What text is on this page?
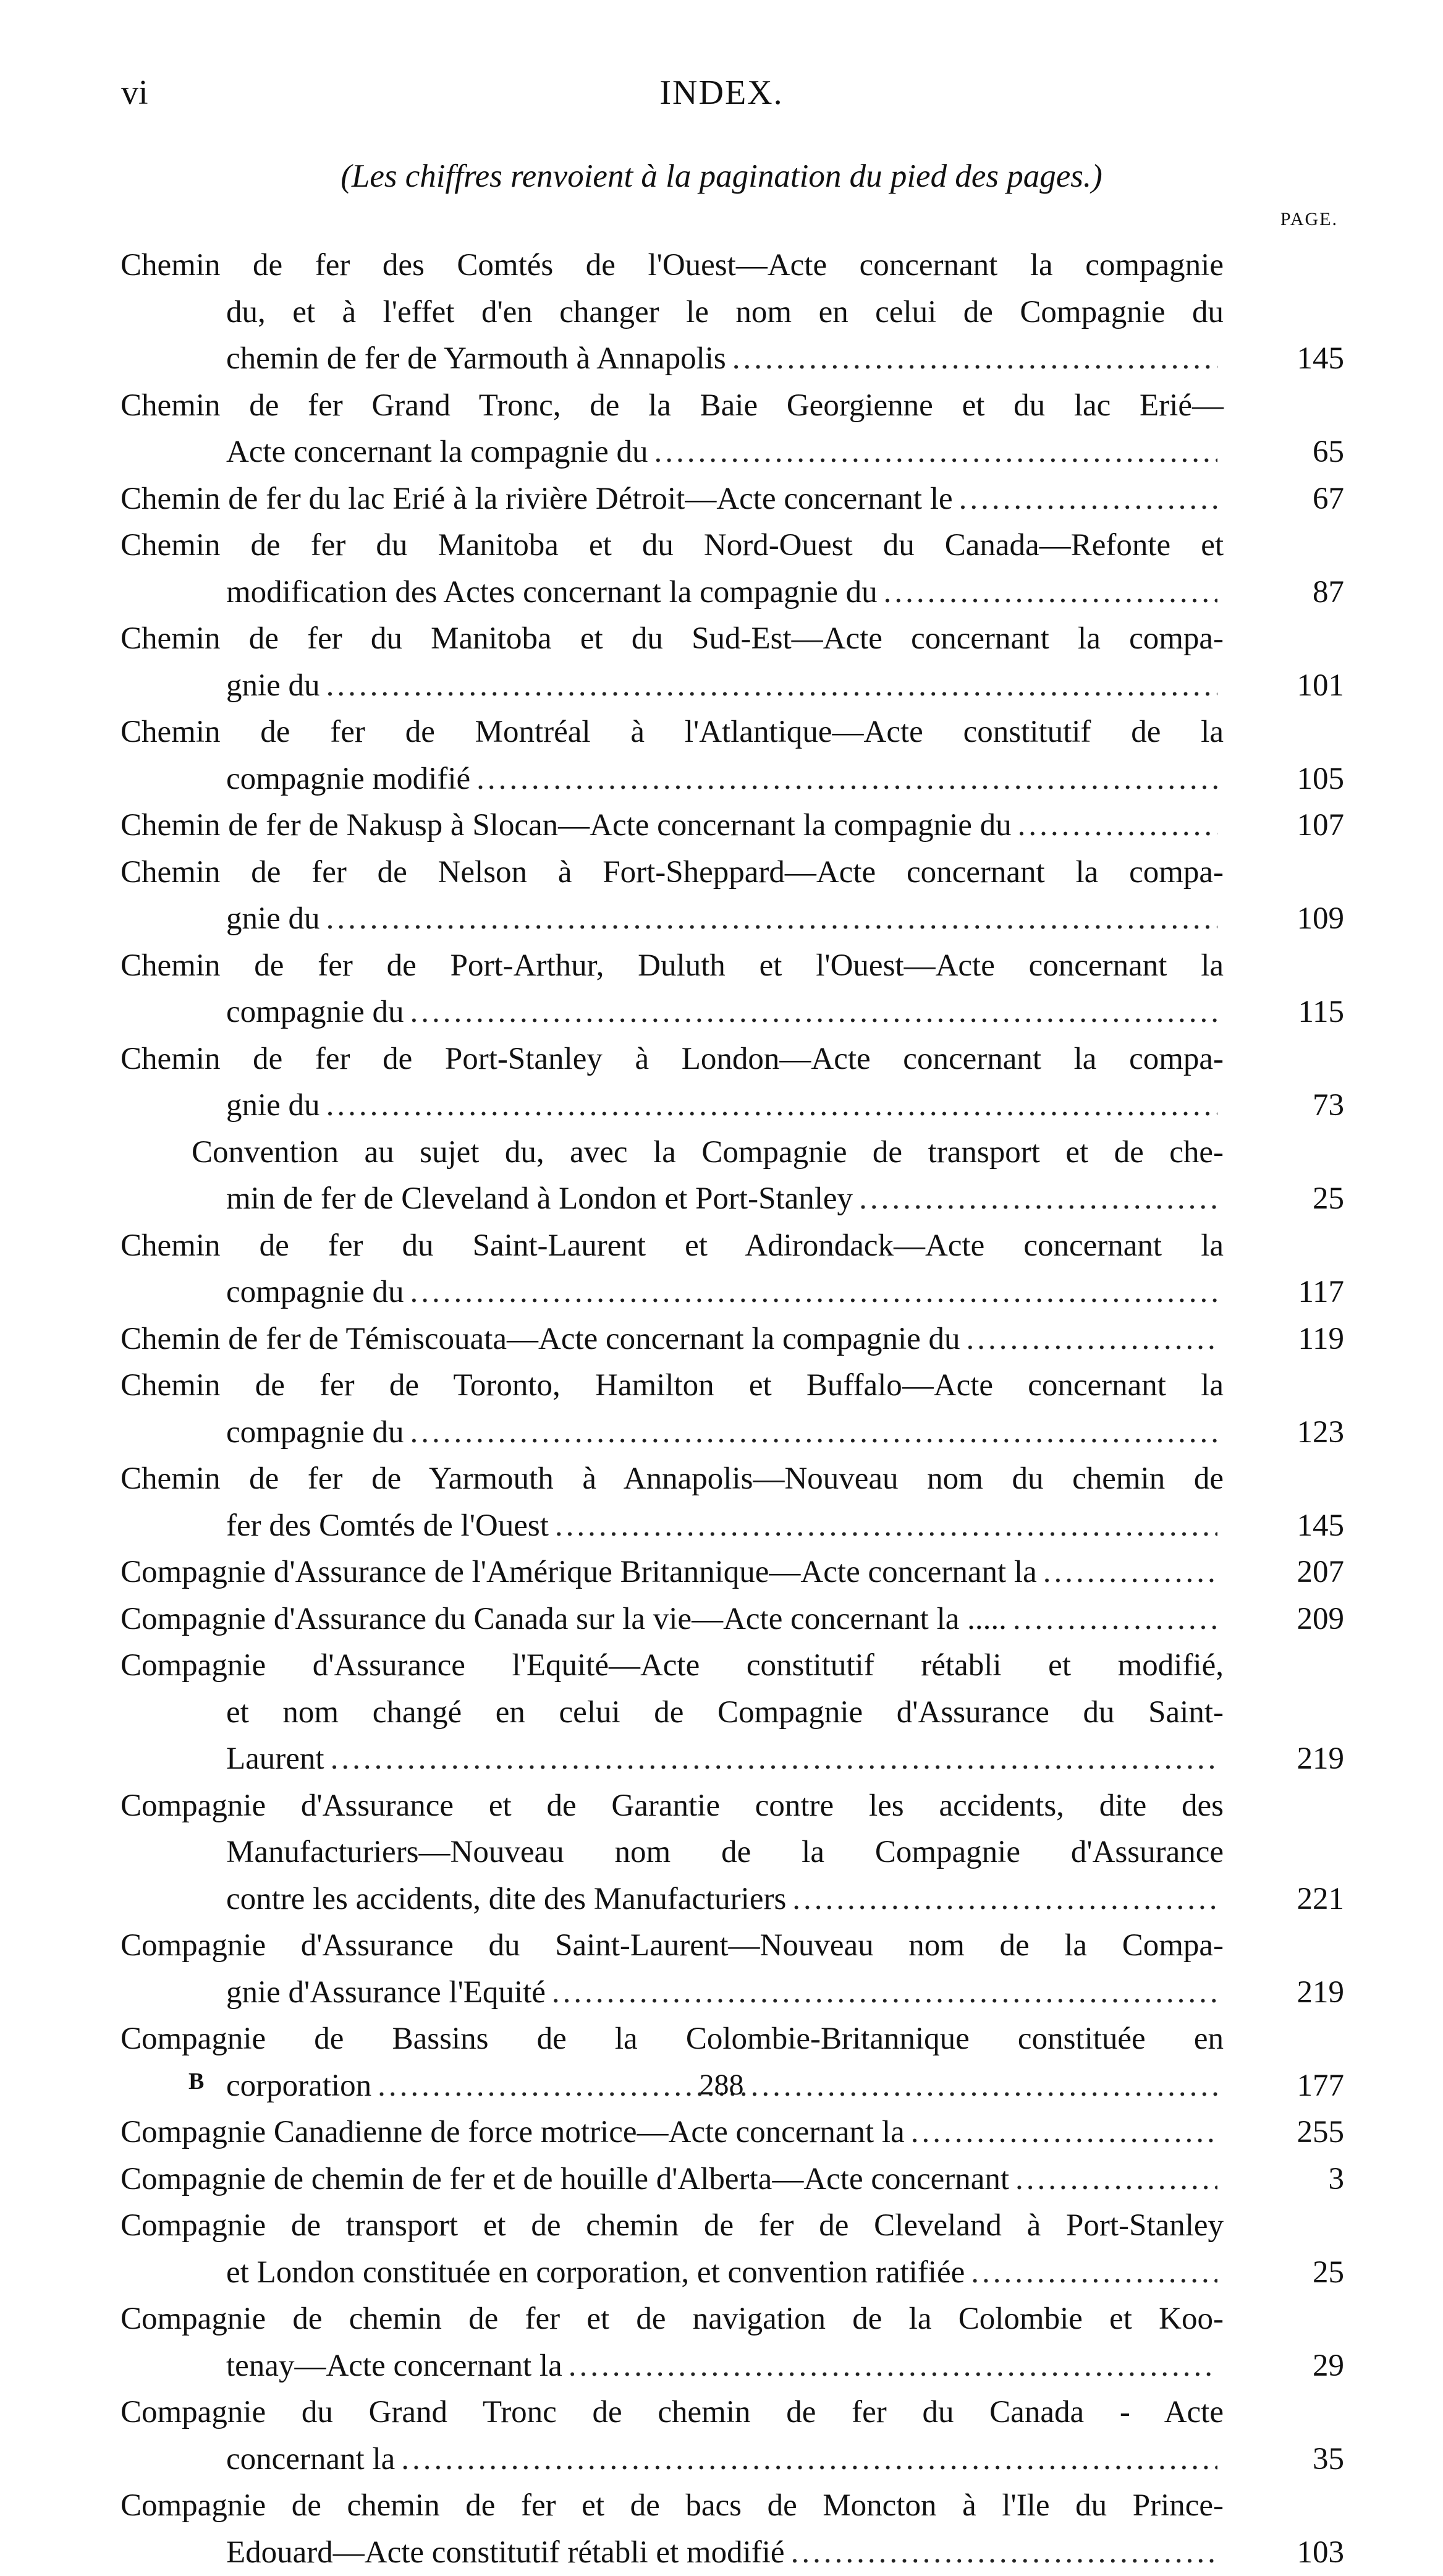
vi	INDEX.
(Les chiffres renvoient à la pagination du pied des pages.)
PAGE.
Chemin de fer des Comtés de l'Ouest—Acte concernant la compagnie
du, et à l'effet d'en changer le nom en celui de Compagnie du
chemin de fer de Yarmouth à Annapolis .....	145
Chemin de fer Grand Tronc, de la Baie Georgienne et du lac Erié—
Acte concernant la compagnie du .....	65
Chemin de fer du lac Erié à la rivière Détroit—Acte concernant le .....	67
Chemin de fer du Manitoba et du Nord-Ouest du Canada—Refonte et
modification des Actes concernant la compagnie du .....	87
Chemin de fer du Manitoba et du Sud-Est—Acte concernant la compa-
gnie du .....	101
Chemin de fer de Montréal à l'Atlantique—Acte constitutif de la
compagnie modifié .....	105
Chemin de fer de Nakusp à Slocan—Acte concernant la compagnie du .....	107
Chemin de fer de Nelson à Fort-Sheppard—Acte concernant la compa-
gnie du .....	109
Chemin de fer de Port-Arthur, Duluth et l'Ouest—Acte concernant la
compagnie du .....	115
Chemin de fer de Port-Stanley à London—Acte concernant la compa-
gnie du .....	73
Convention au sujet du, avec la Compagnie de transport et de che-
min de fer de Cleveland à London et Port-Stanley .....	25
Chemin de fer du Saint-Laurent et Adirondack—Acte concernant la
compagnie du .....	117
Chemin de fer de Témiscouata—Acte concernant la compagnie du .....	119
Chemin de fer de Toronto, Hamilton et Buffalo—Acte concernant la
compagnie du .....	123
Chemin de fer de Yarmouth à Annapolis—Nouveau nom du chemin de
fer des Comtés de l'Ouest .....	145
Compagnie d'Assurance de l'Amérique Britannique—Acte concernant la .....	207
Compagnie d'Assurance du Canada sur la vie—Acte concernant la ..... .....	209
Compagnie d'Assurance l'Equité—Acte constitutif rétabli et modifié,
et nom changé en celui de Compagnie d'Assurance du Saint-
Laurent .....	219
Compagnie d'Assurance et de Garantie contre les accidents, dite des
Manufacturiers—Nouveau nom de la Compagnie d'Assurance
contre les accidents, dite des Manufacturiers .....	221
Compagnie d'Assurance du Saint-Laurent—Nouveau nom de la Compa-
gnie d'Assurance l'Equité .....	219
Compagnie de Bassins de la Colombie-Britannique constituée en
corporation .....	177
Compagnie Canadienne de force motrice—Acte concernant la .....	255
Compagnie de chemin de fer et de houille d'Alberta—Acte concernant .....	3
Compagnie de transport et de chemin de fer de Cleveland à Port-Stanley
et London constituée en corporation, et convention ratifiée .....	25
Compagnie de chemin de fer et de navigation de la Colombie et Koo-
tenay—Acte concernant la .....	29
Compagnie du Grand Tronc de chemin de fer du Canada - Acte
concernant la .....	35
Compagnie de chemin de fer et de bacs de Moncton à l'Ile du Prince-
Edouard—Acte constitutif rétabli et modifié .....	103
B	288
